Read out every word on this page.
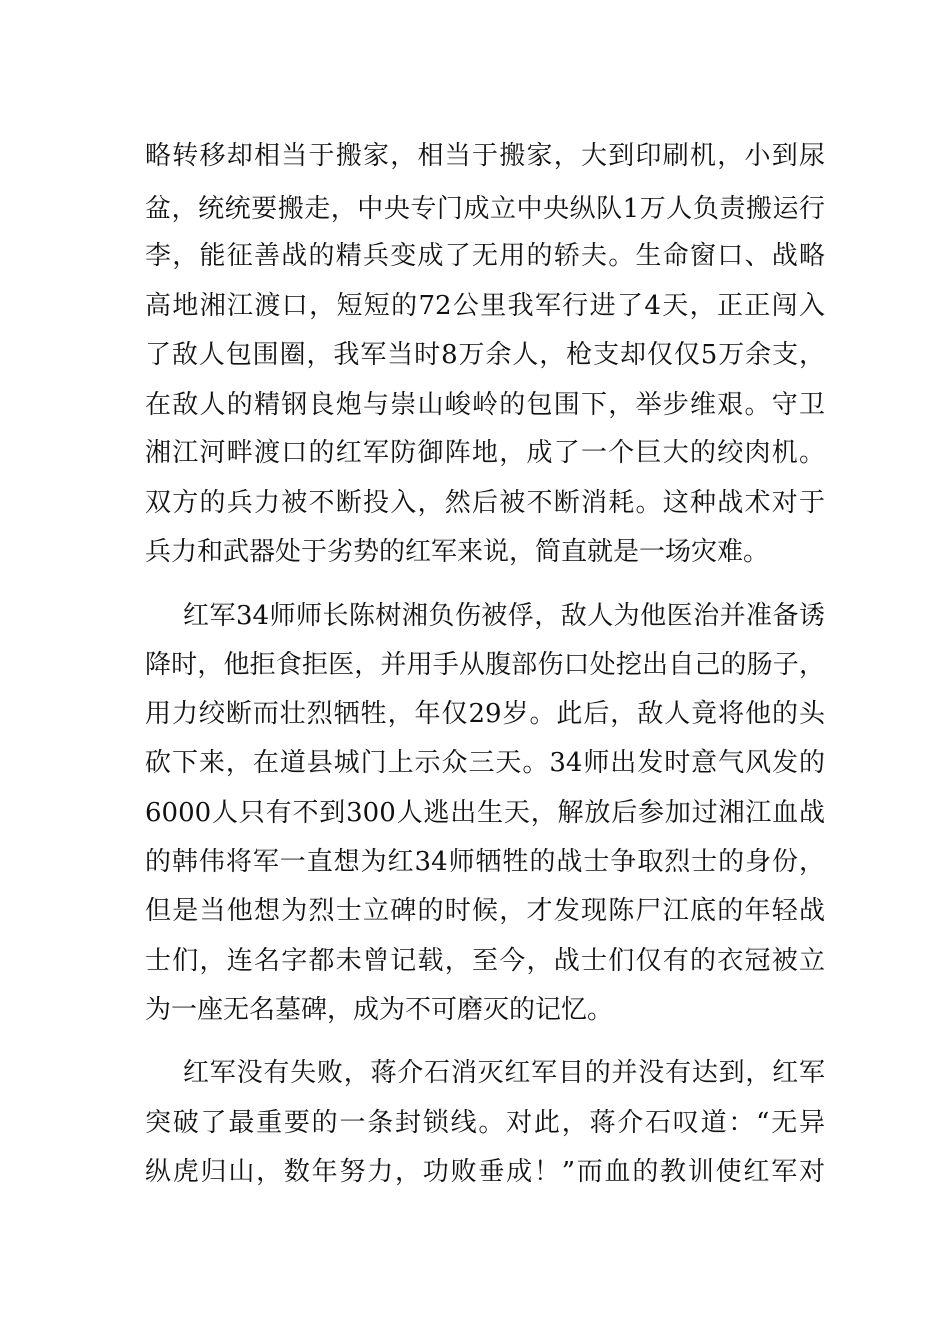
略转移却相当于搬家，相当于搬家，大到印刷机，小到尿
盆，统统要搬走，中央专门成立中央纵队1万人负责搬运行
李，能征善战的精兵变成了无用的轿夫。生命窗口、战略
高地湘江渡口，短短的72公里我军行进了4天，正正闯入
了敌人包围圈，我军当时8万余人，枪支却仅仅5万余支，
在敌人的精钢良炮与崇山峻岭的包围下，举步维艰。守卫
湘江河畔渡口的红军防御阵地，成了一个巨大的绞肉机。
双方的兵力被不断投入，然后被不断消耗。这种战术对于
兵力和武器处于劣势的红军来说，简直就是一场灾难。
红军34师师长陈树湘负伤被俘，敌人为他医治并准备诱
降时，他拒食拒医，并用手从腹部伤口处挖出自己的肠子，
用力绞断而壮烈牺牲，年仅29岁。此后，敌人竟将他的头
砍下来，在道县城门上示众三天。34师出发时意气风发的
6000人只有不到300人逃出生天，解放后参加过湘江血战
的韩伟将军一直想为红34师牺牲的战士争取烈士的身份，
但是当他想为烈士立碑的时候，才发现陈尸江底的年轻战
士们，连名字都未曾记载，至今，战士们仅有的衣冠被立
为一座无名墓碑，成为不可磨灭的记忆。
红军没有失败，蒋介石消灭红军目的并没有达到，红军
突破了最重要的一条封锁线。对此，蒋介石叹道：“无异
纵虎归山，数年努力，功败垂成！”而血的教训使红军对
